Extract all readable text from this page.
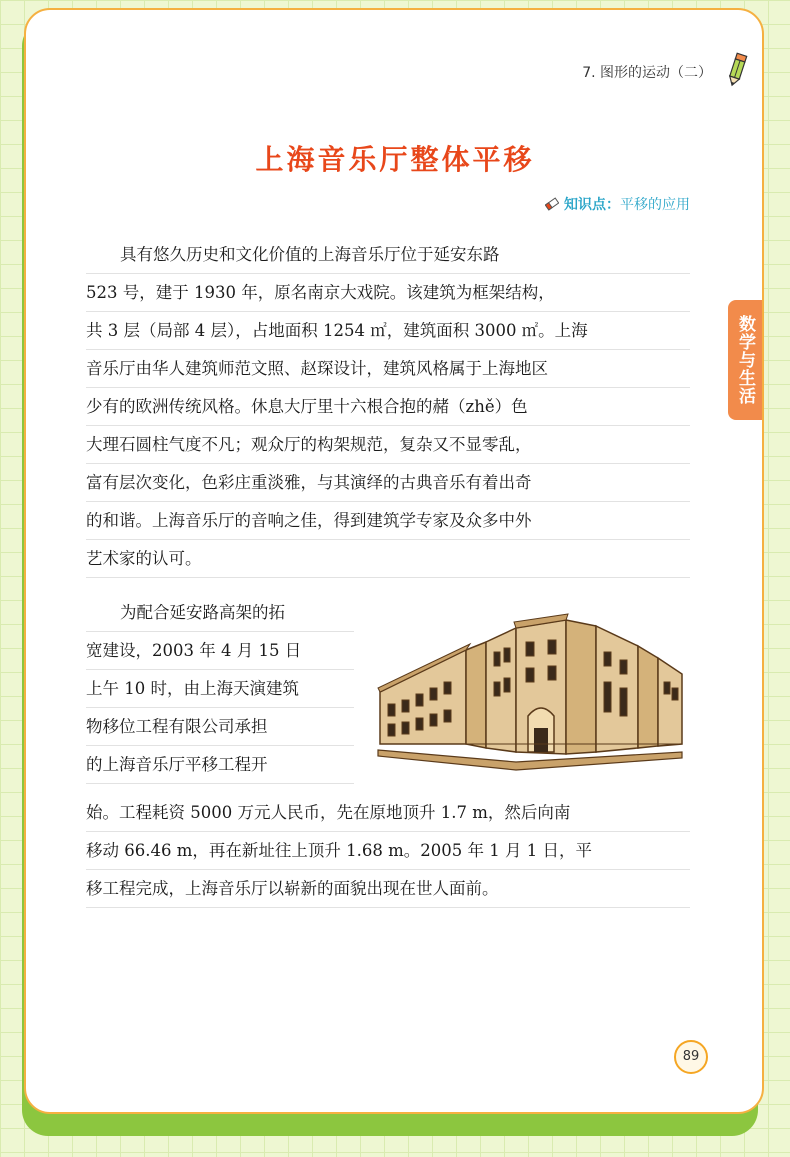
7. 图形的运动（二）
数学与生活
上海音乐厅整体平移
知识点： 平移的应用
具有悠久历史和文化价值的上海音乐厅位于延安东路
523 号，建于 1930 年，原名南京大戏院。该建筑为框架结构，
共 3 层（局部 4 层），占地面积 1254 ㎡，建筑面积 3000 ㎡。上海
音乐厅由华人建筑师范文照、赵琛设计，建筑风格属于上海地区
少有的欧洲传统风格。休息大厅里十六根合抱的赭（zhě）色
大理石圆柱气度不凡；观众厅的构架规范，复杂又不显零乱，
富有层次变化，色彩庄重淡雅，与其演绎的古典音乐有着出奇
的和谐。上海音乐厅的音响之佳，得到建筑学专家及众多中外
艺术家的认可。
为配合延安路高架的拓
宽建设，2003 年 4 月 15 日
上午 10 时，由上海天演建筑
物移位工程有限公司承担
的上海音乐厅平移工程开
始。工程耗资 5000 万元人民币，先在原地顶升 1.7 m，然后向南
移动 66.46 m，再在新址往上顶升 1.68 m。2005 年 1 月 1 日，平
移工程完成，上海音乐厅以崭新的面貌出现在世人面前。
89
